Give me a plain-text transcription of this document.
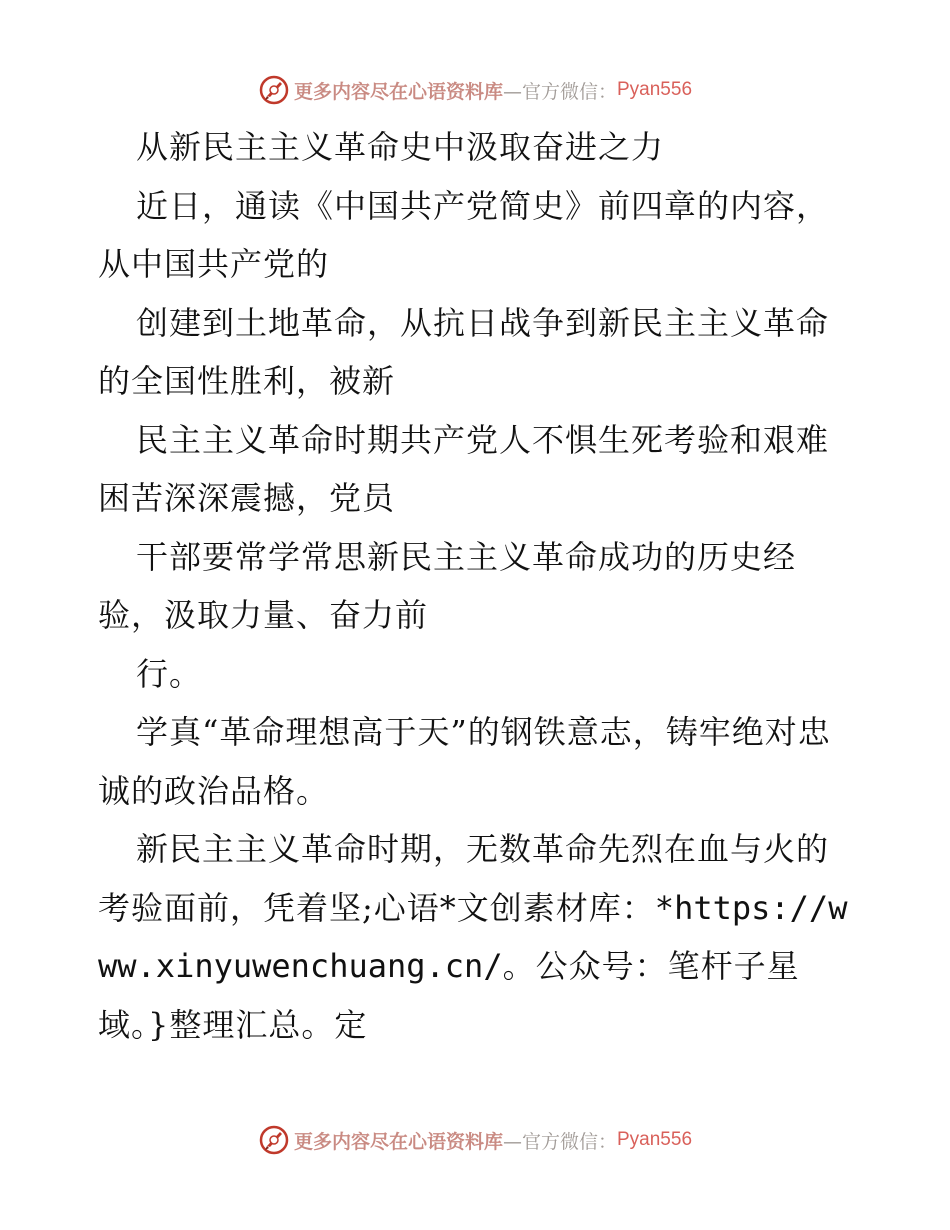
更多内容尽在心语资料库 —官方微信： Pyan556

从新民主主义革命史中汲取奋进之力

近日，通读《中国共产党简史》前四章的内容，从中国共产党的

创建到土地革命，从抗日战争到新民主主义革命的全国性胜利，被新

民主主义革命时期共产党人不惧生死考验和艰难困苦深深震撼，党员

干部要常学常思新民主主义革命成功的历史经验，汲取力量、奋力前

行。

学真“革命理想高于天”的钢铁意志，铸牢绝对忠诚的政治品格。

新民主主义革命时期，无数革命先烈在血与火的考验面前，凭着坚;心语*文创素材库：*https://www.xinyuwenchuang.cn/。公众号：笔杆子星域。}整理汇总。定

更多内容尽在心语资料库 —官方微信： Pyan556
